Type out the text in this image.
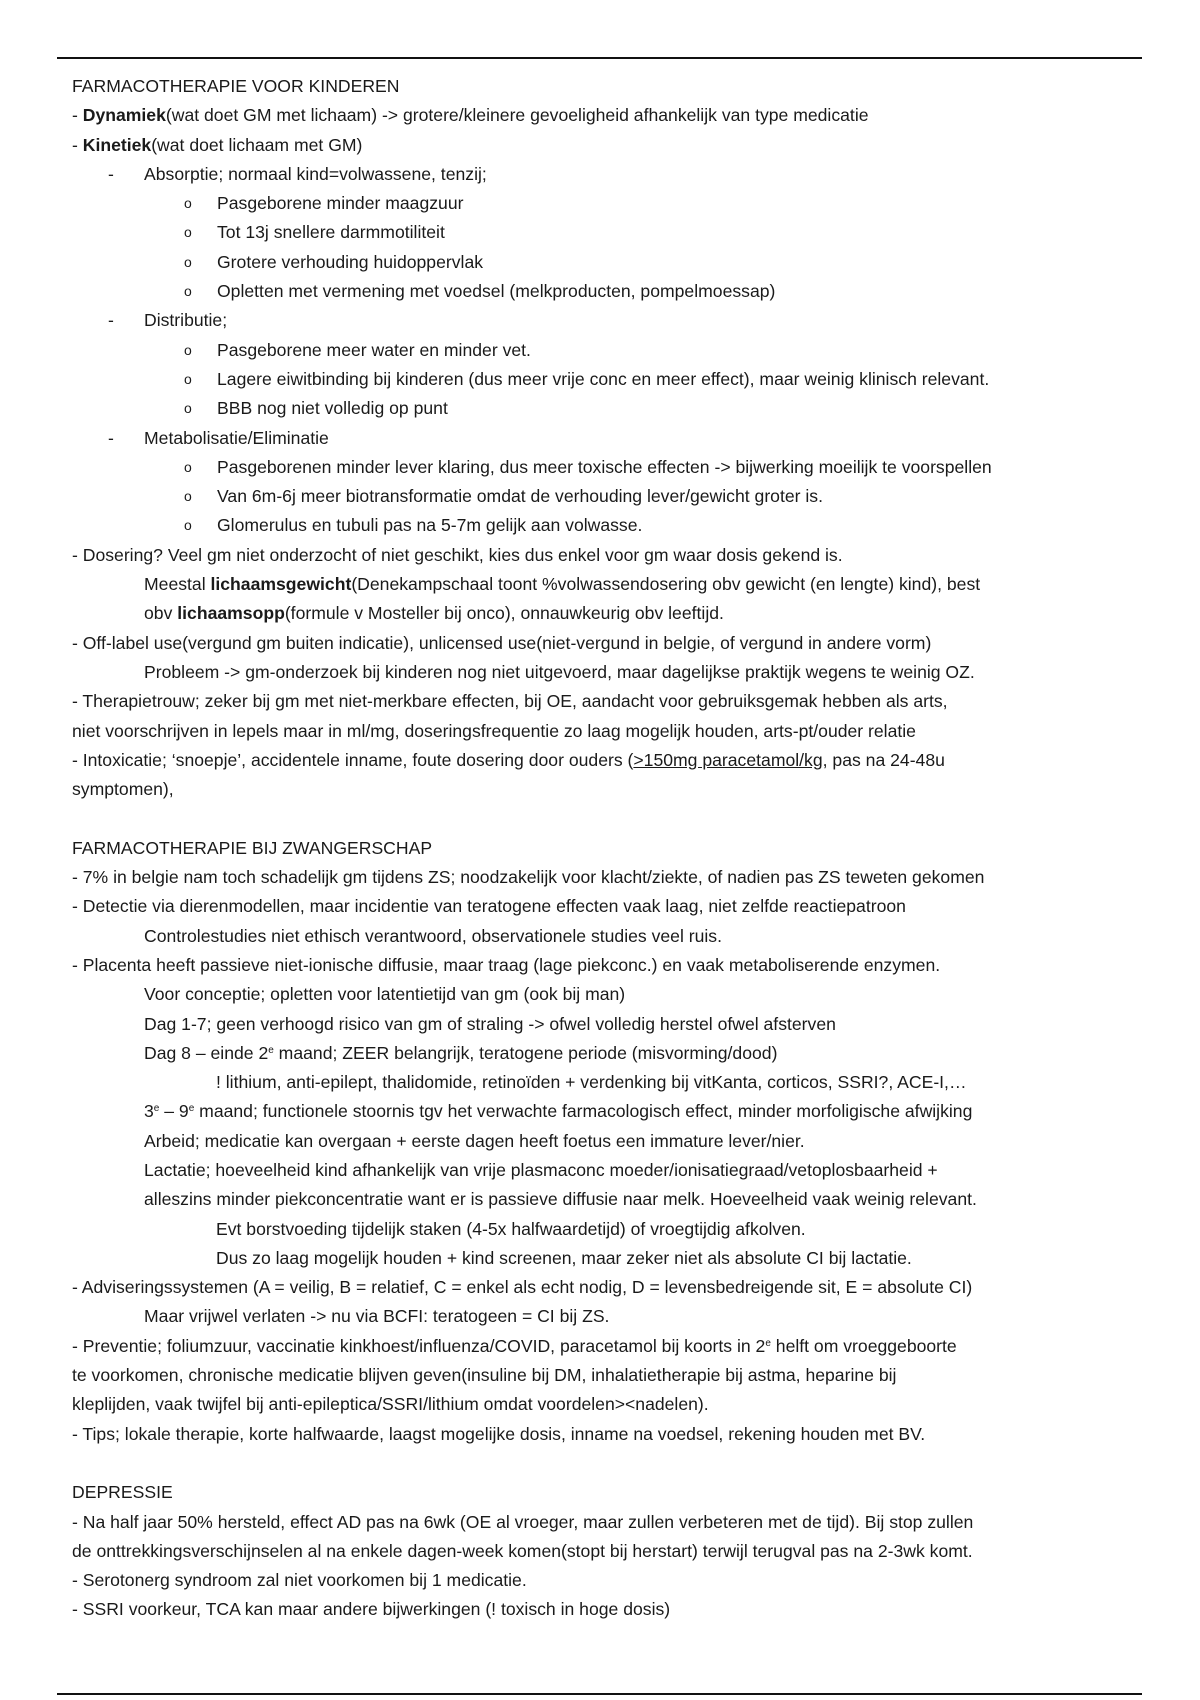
FARMACOTHERAPIE VOOR KINDEREN
- Dynamiek(wat doet GM met lichaam) -> grotere/kleinere gevoeligheid afhankelijk van type medicatie
- Kinetiek(wat doet lichaam met GM)
- Absorptie; normaal kind=volwassene, tenzij;
o Pasgeborene minder maagzuur
o Tot 13j snellere darmmotiliteit
o Grotere verhouding huidoppervlak
o Opletten met vermening met voedsel (melkproducten, pompelmoessap)
- Distributie;
o Pasgeborene meer water en minder vet.
o Lagere eiwitbinding bij kinderen (dus meer vrije conc en meer effect), maar weinig klinisch relevant.
o BBB nog niet volledig op punt
- Metabolisatie/Eliminatie
o Pasgeborenen minder lever klaring, dus meer toxische effecten -> bijwerking moeilijk te voorspellen
o Van 6m-6j meer biotransformatie omdat de verhouding lever/gewicht groter is.
o Glomerulus en tubuli pas na 5-7m gelijk aan volwasse.
- Dosering? Veel gm niet onderzocht of niet geschikt, kies dus enkel voor gm waar dosis gekend is.
Meestal lichaamsgewicht(Denekampschaal toont %volwassendosering obv gewicht (en lengte) kind), best
obv lichaamsopp(formule v Mosteller bij onco), onnauwkeurig obv leeftijd.
- Off-label use(vergund gm buiten indicatie), unlicensed use(niet-vergund in belgie, of vergund in andere vorm)
Probleem -> gm-onderzoek bij kinderen nog niet uitgevoerd, maar dagelijkse praktijk wegens te weinig OZ.
- Therapietrouw; zeker bij gm met niet-merkbare effecten, bij OE, aandacht voor gebruiksgemak hebben als arts,
niet voorschrijven in lepels maar in ml/mg, doseringsfrequentie zo laag mogelijk houden, arts-pt/ouder relatie
- Intoxicatie; ‘snoepje’, accidentele inname, foute dosering door ouders (>150mg paracetamol/kg, pas na 24-48u
symptomen),
FARMACOTHERAPIE BIJ ZWANGERSCHAP
- 7% in belgie nam toch schadelijk gm tijdens ZS; noodzakelijk voor klacht/ziekte, of nadien pas ZS teweten gekomen
- Detectie via dierenmodellen, maar incidentie van teratogene effecten vaak laag, niet zelfde reactiepatroon
Controlestudies niet ethisch verantwoord, observationele studies veel ruis.
- Placenta heeft passieve niet-ionische diffusie, maar traag (lage piekconc.) en vaak metaboliserende enzymen.
Voor conceptie; opletten voor latentietijd van gm (ook bij man)
Dag 1-7; geen verhoogd risico van gm of straling -> ofwel volledig herstel ofwel afsterven
Dag 8 – einde 2e maand; ZEER belangrijk, teratogene periode (misvorming/dood)
! lithium, anti-epilept, thalidomide, retinoïden + verdenking bij vitKanta, corticos, SSRI?, ACE-I,…
3e – 9e maand; functionele stoornis tgv het verwachte farmacologisch effect, minder morfoligische afwijking
Arbeid; medicatie kan overgaan + eerste dagen heeft foetus een immature lever/nier.
Lactatie; hoeveelheid kind afhankelijk van vrije plasmaconc moeder/ionisatiegraad/vetoplosbaarheid +
alleszins minder piekconcentratie want er is passieve diffusie naar melk. Hoeveelheid vaak weinig relevant.
Evt borstvoeding tijdelijk staken (4-5x halfwaardetijd) of vroegtijdig afkolven.
Dus zo laag mogelijk houden + kind screenen, maar zeker niet als absolute CI bij lactatie.
- Adviseringssystemen (A = veilig, B = relatief, C = enkel als echt nodig, D = levensbedreigende sit, E = absolute CI)
Maar vrijwel verlaten -> nu via BCFI: teratogeen = CI bij ZS.
- Preventie; foliumzuur, vaccinatie kinkhoest/influenza/COVID, paracetamol bij koorts in 2e helft om vroeggeboorte
te voorkomen, chronische medicatie blijven geven(insuline bij DM, inhalatietherapie bij astma, heparine bij
kleplijden, vaak twijfel bij anti-epileptica/SSRI/lithium omdat voordelen><nadelen).
- Tips; lokale therapie, korte halfwaarde, laagst mogelijke dosis, inname na voedsel, rekening houden met BV.
DEPRESSIE
- Na half jaar 50% hersteld, effect AD pas na 6wk (OE al vroeger, maar zullen verbeteren met de tijd). Bij stop zullen
de onttrekkingsverschijnselen al na enkele dagen-week komen(stopt bij herstart) terwijl terugval pas na 2-3wk komt.
- Serotonerg syndroom zal niet voorkomen bij 1 medicatie.
- SSRI voorkeur, TCA kan maar andere bijwerkingen (! toxisch in hoge dosis)
